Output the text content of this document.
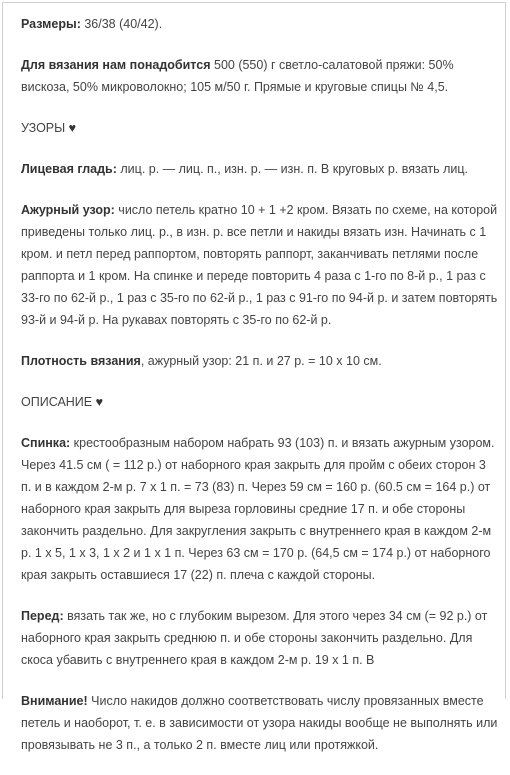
Размеры: 36/38 (40/42).

Для вязания нам понадобится 500 (550) г светло-салатовой пряжи: 50% вискоза, 50% микроволокно; 105 м/50 г. Прямые и круговые спицы № 4,5.

УЗОРЫ ♥

Лицевая гладь: лиц. р. — лиц. п., изн. р. — изн. п. В круговых р. вязать лиц.

Ажурный узор: число петель кратно 10 + 1 +2 кром. Вязать по схеме, на которой приведены только лиц. р., в изн. р. все петли и накиды вязать изн. Начинать с 1 кром. и петл перед раппортом, повторять раппорт, заканчивать петлями после раппорта и 1 кром. На спинке и переде повторить 4 раза с 1-го по 8-й р., 1 раз с 33-го по 62-й р., 1 раз с 35-го по 62-й р., 1 раз с 91-го по 94-й р. и затем повторять 93-й и 94-й р. На рукавах повторять с 35-го по 62-й р.

Плотность вязания, ажурный узор: 21 п. и 27 р. = 10 х 10 см.

ОПИСАНИЕ ♥

Спинка: крестообразным набором набрать 93 (103) п. и вязать ажурным узором. Через 41.5 см ( = 112 р.) от наборного края закрыть для пройм с обеих сторон 3 п. и в каждом 2-м р. 7 х 1 п. = 73 (83) п. Через 59 см = 160 р. (60.5 см = 164 р.) от наборного края закрыть для выреза горловины средние 17 п. и обе стороны закончить раздельно. Для закругления закрыть с внутреннего края в каждом 2-м р. 1 х 5, 1 х 3, 1 х 2 и 1 х 1 п. Через 63 см = 170 р. (64,5 см = 174 р.) от наборного края закрыть оставшиеся 17 (22) п. плеча с каждой стороны.

Перед: вязать так же, но с глубоким вырезом. Для этого через 34 см (= 92 р.) от наборного края закрыть среднюю п. и обе стороны закончить раздельно. Для скоса убавить с внутреннего края в каждом 2-м р. 19 х 1 п. В

Внимание! Число накидов должно соответствовать числу провязанных вместе петель и наоборот, т. е. в зависимости от узора накиды вообще не выполнять или провязывать не 3 п., а только 2 п. вместе лиц или протяжкой.
